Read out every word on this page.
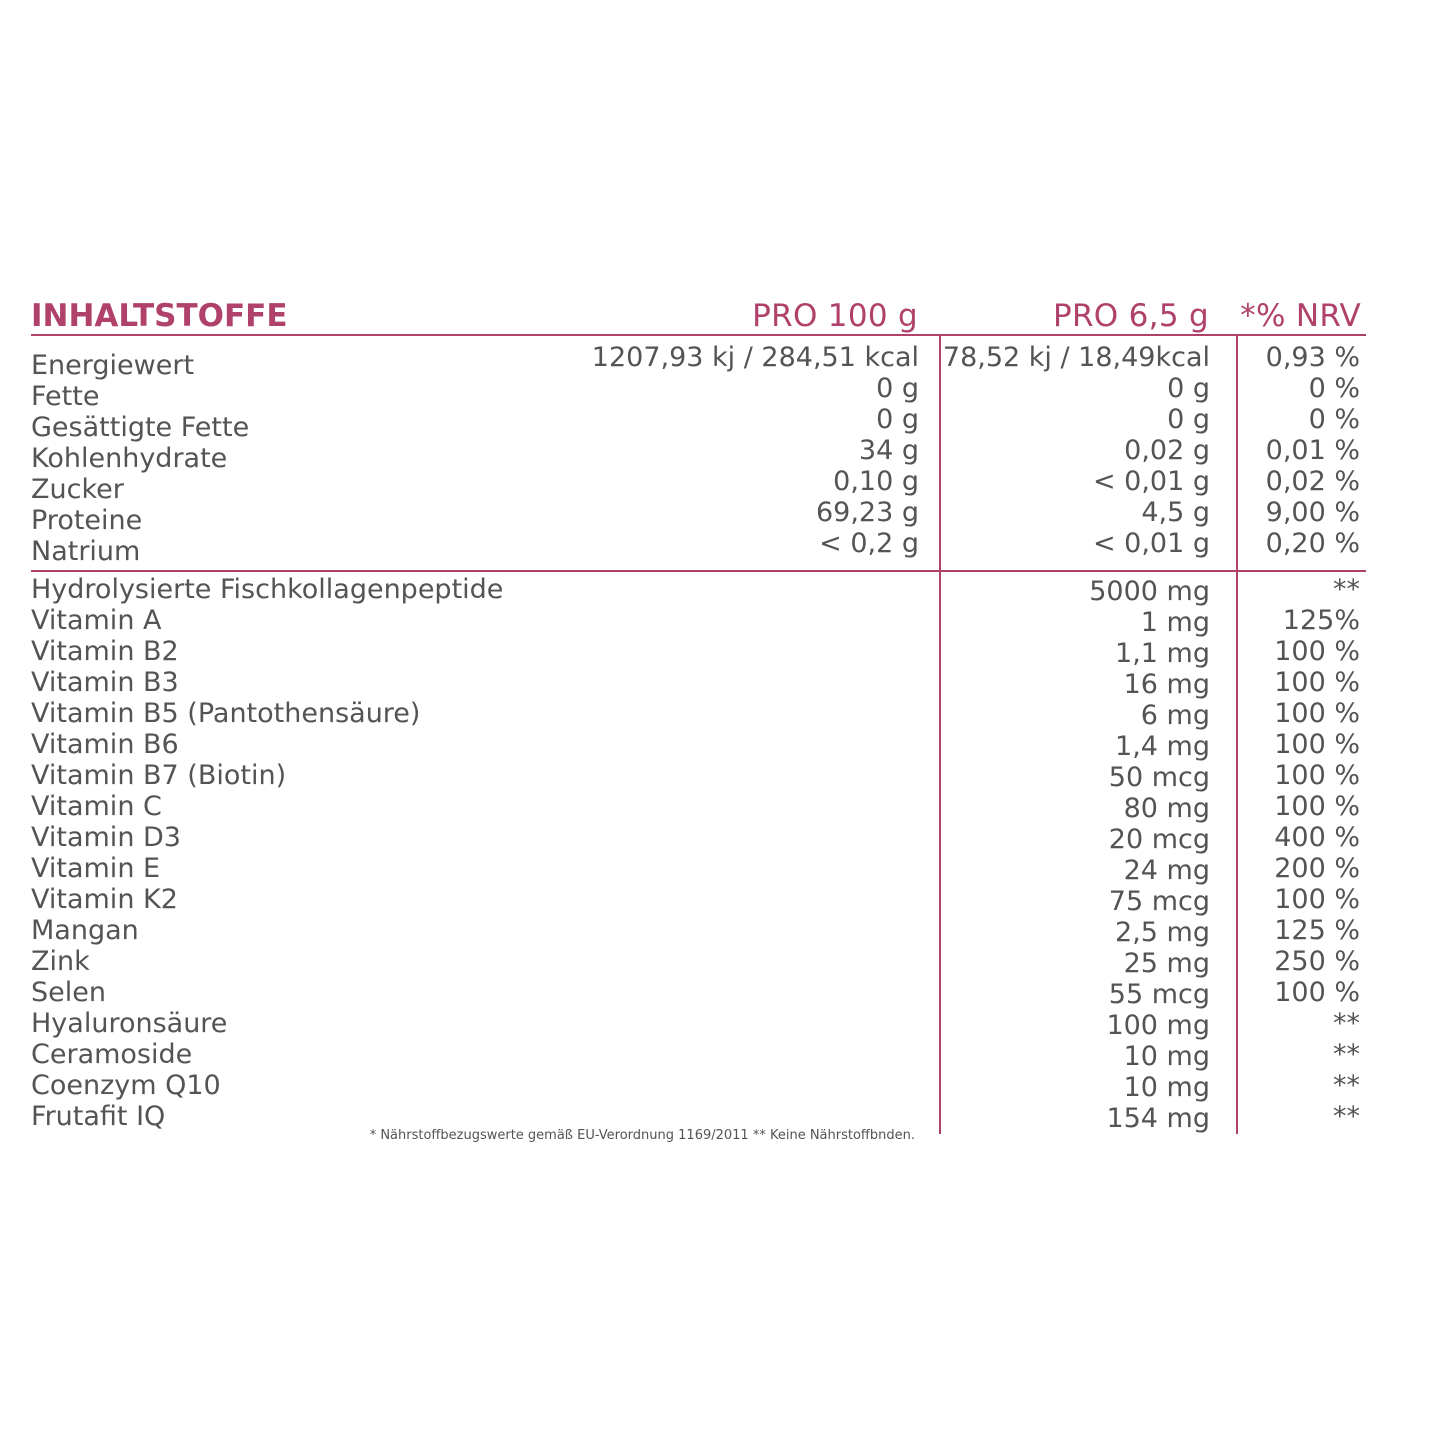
INHALTSTOFFE	PRO 100 g	PRO 6,5 g *% NRV
Energiewert	1207,93 kj / 284,51 kcal 78,52 kj / 18,49kcal 0,93 %
Fette	0 g	0 g	0 %
Gesättigte Fette	0 g	0 g	0 %
Kohlenhydrate	34 g	0,02 g 0,01 %
Zucker	0,10 g	< 0,01 g 0,02 %
Proteine	69,23 g	4,5 g 9,00 %
Natrium	< 0,2 g	< 0,01 g 0,20 %
Hydrolysierte Fischkollagenpeptide	5000 mg	**
Vitamin A	1 mg	125%
Vitamin B2	1,1 mg 100 %
Vitamin B3	16 mg 100 %
Vitamin B5 (Pantothensäure)	6 mg 100 %
Vitamin B6	1,4 mg 100 %
Vitamin B7 (Biotin)	50 mcg 100 %
Vitamin C	80 mg 100 %
Vitamin D3	20 mcg 400 %
Vitamin E	24 mg 200 %
Vitamin K2	75 mcg 100 %
Mangan	2,5 mg 125 %
Zink	25 mg 250 %
Selen	55 mcg 100 %
Hyaluronsäure	100 mg	**
Ceramoside	10 mg	**
Coenzym Q10	10 mg	**
Frutafit IQ	154 mg	**
* Nährstoffbezugswerte gemäß EU-Verordnung 1169/2011 ** Keine Nährstoffbnden.
